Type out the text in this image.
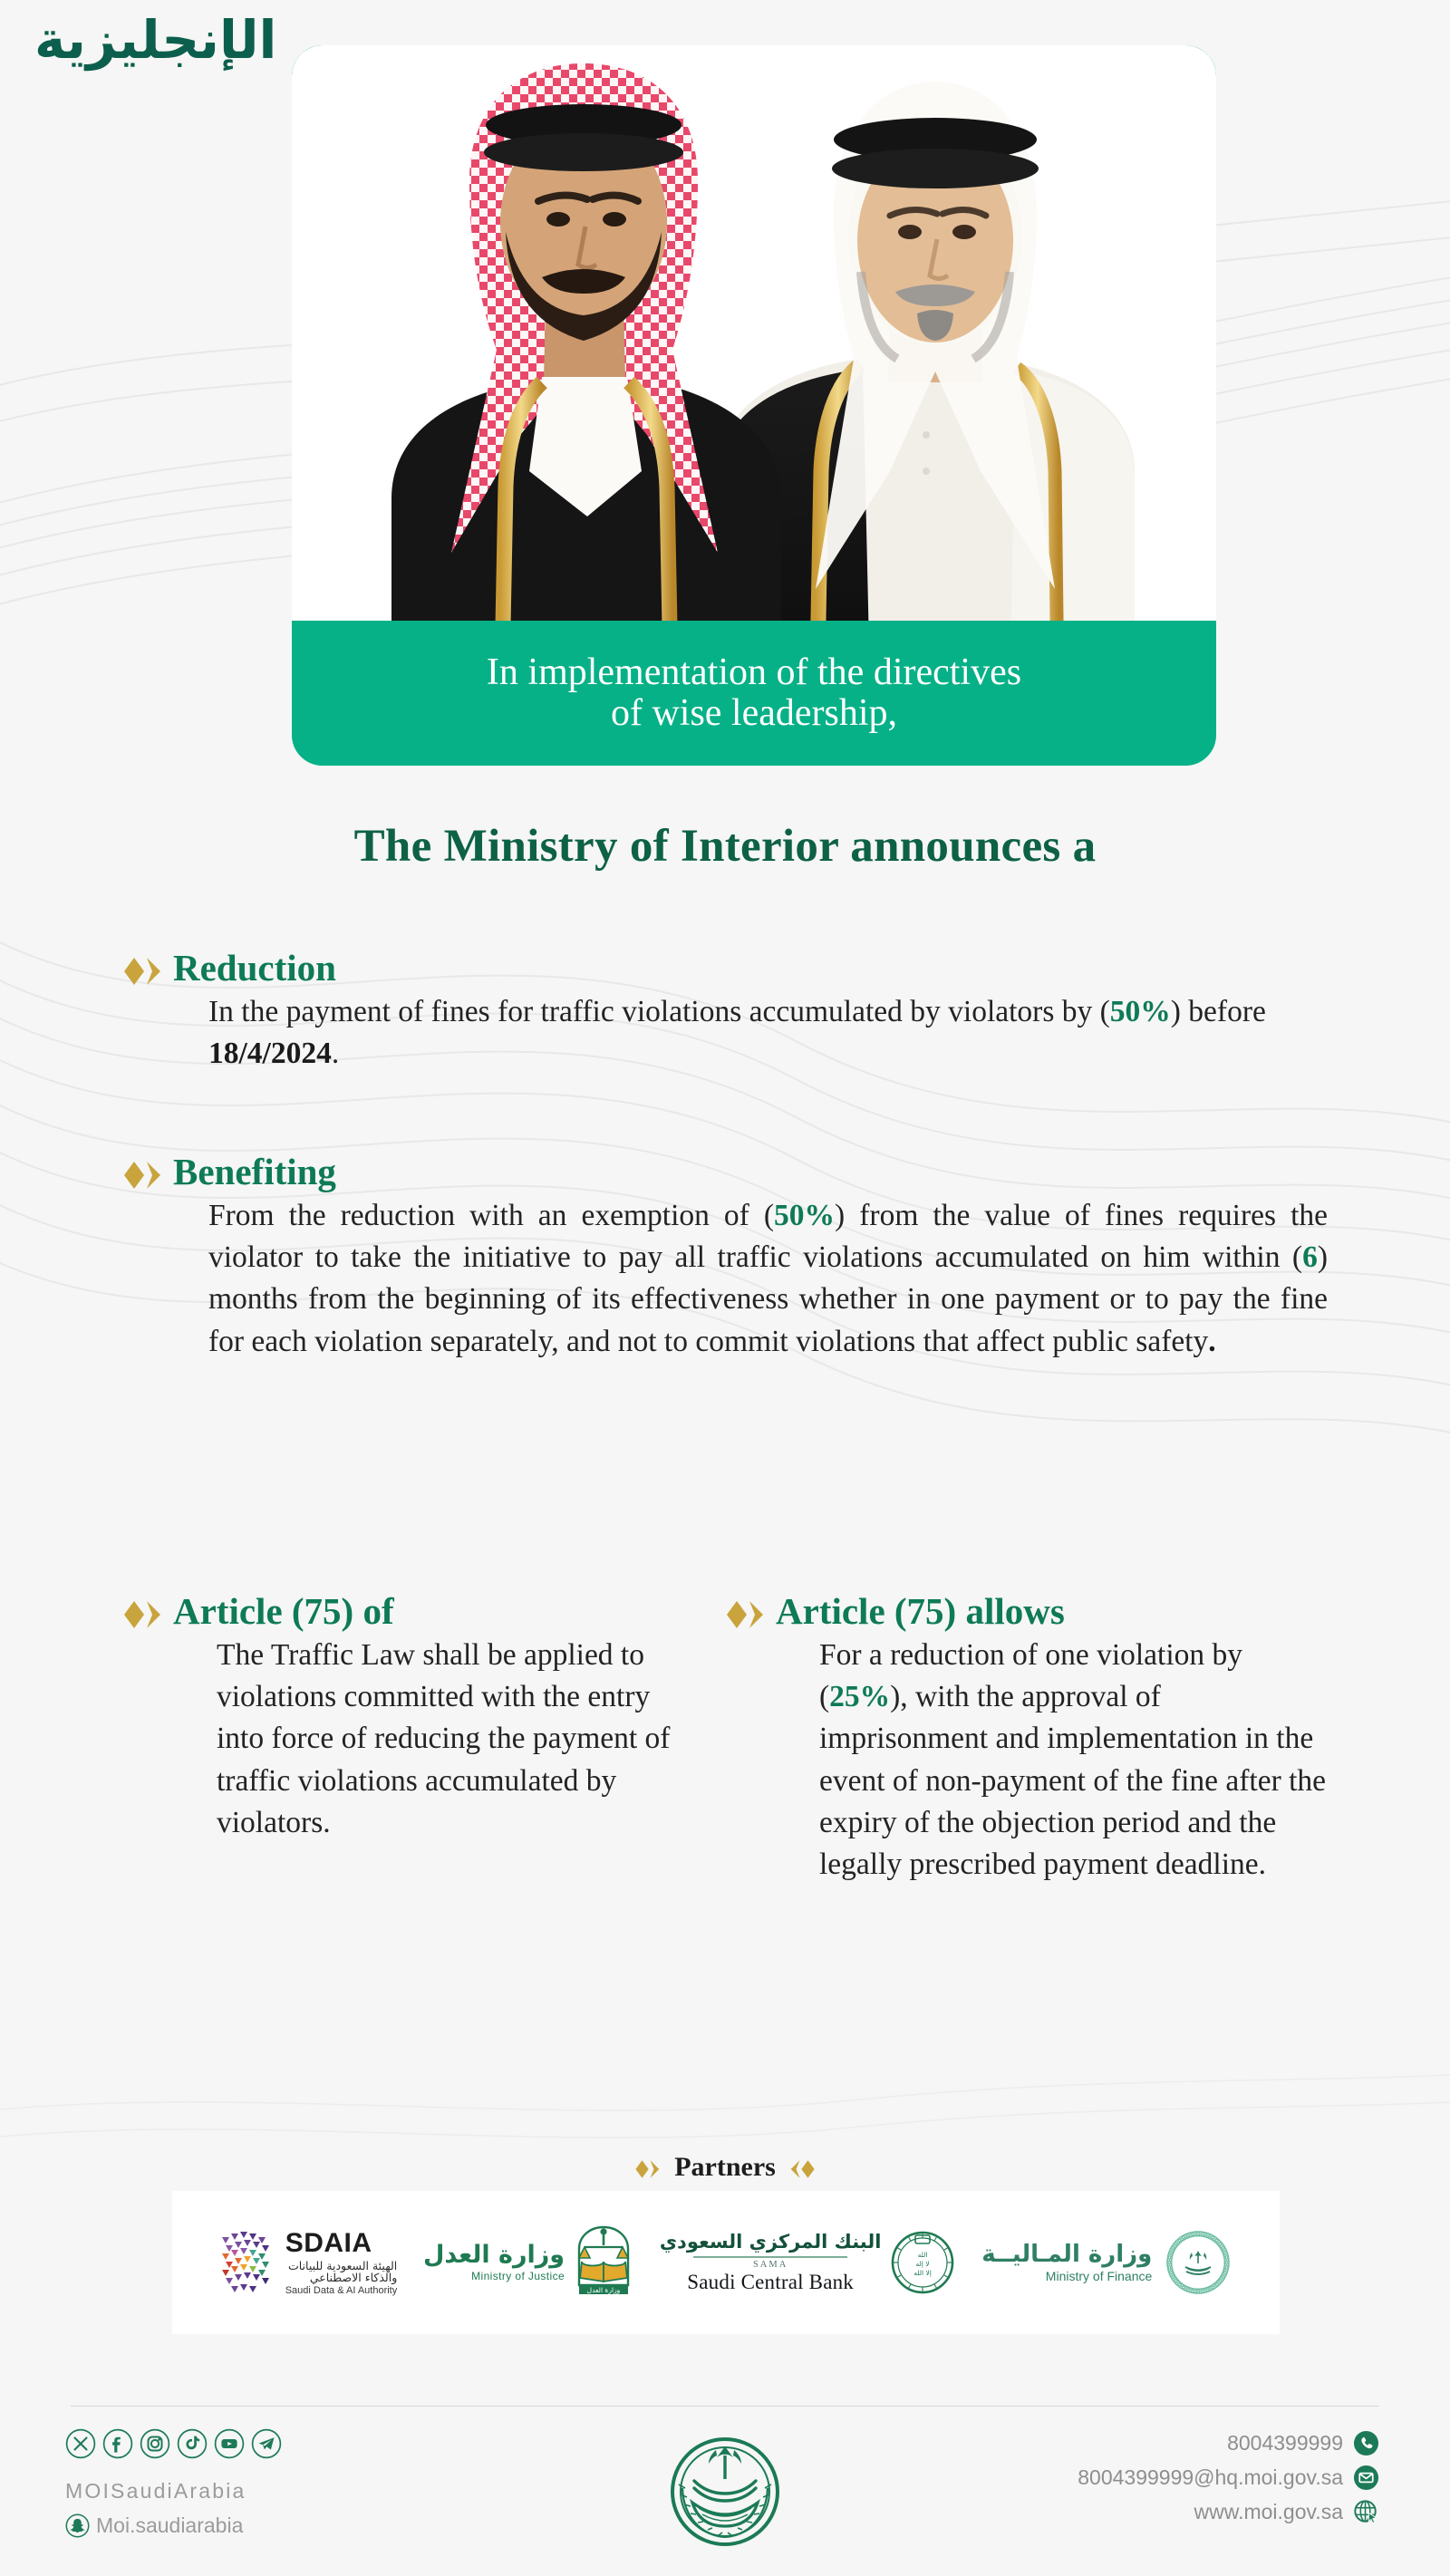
الإنجليزية
In implementation of the directives
of wise leadership,
The Ministry of Interior announces a
Reduction
In the payment of fines for traffic violations accumulated by violators by (50%) before 18/4/2024.
Benefiting
From the reduction with an exemption of (50%) from the value of fines requires the violator to take the initiative to pay all traffic violations accumulated on him within (6) months from the beginning of its effectiveness whether in one payment or to pay the fine for each violation separately, and not to commit violations that affect public safety.
Article (75) of
The Traffic Law shall be applied to violations committed with the entry into force of reducing the payment of traffic violations accumulated by violators.
Article (75) allows
For a reduction of one violation by (25%), with the approval of imprisonment and implementation in the event of non-payment of the fine after the expiry of the objection period and the legally prescribed payment deadline.
Partners
SDAIA
الهيئة السعودية للبيانات
والذكاء الاصطناعي
Saudi Data & AI Authority
وزارة العدل
Ministry of Justice
وزارة العدل
البنك المركزي السعودي
SAMA
Saudi Central Bank
الله
لا إله
إلا الله
وزارة المـاليــة
Ministry of Finance
MOISaudiArabia
Moi.saudiarabia
8004399999
8004399999@hq.moi.gov.sa
www.moi.gov.sa
